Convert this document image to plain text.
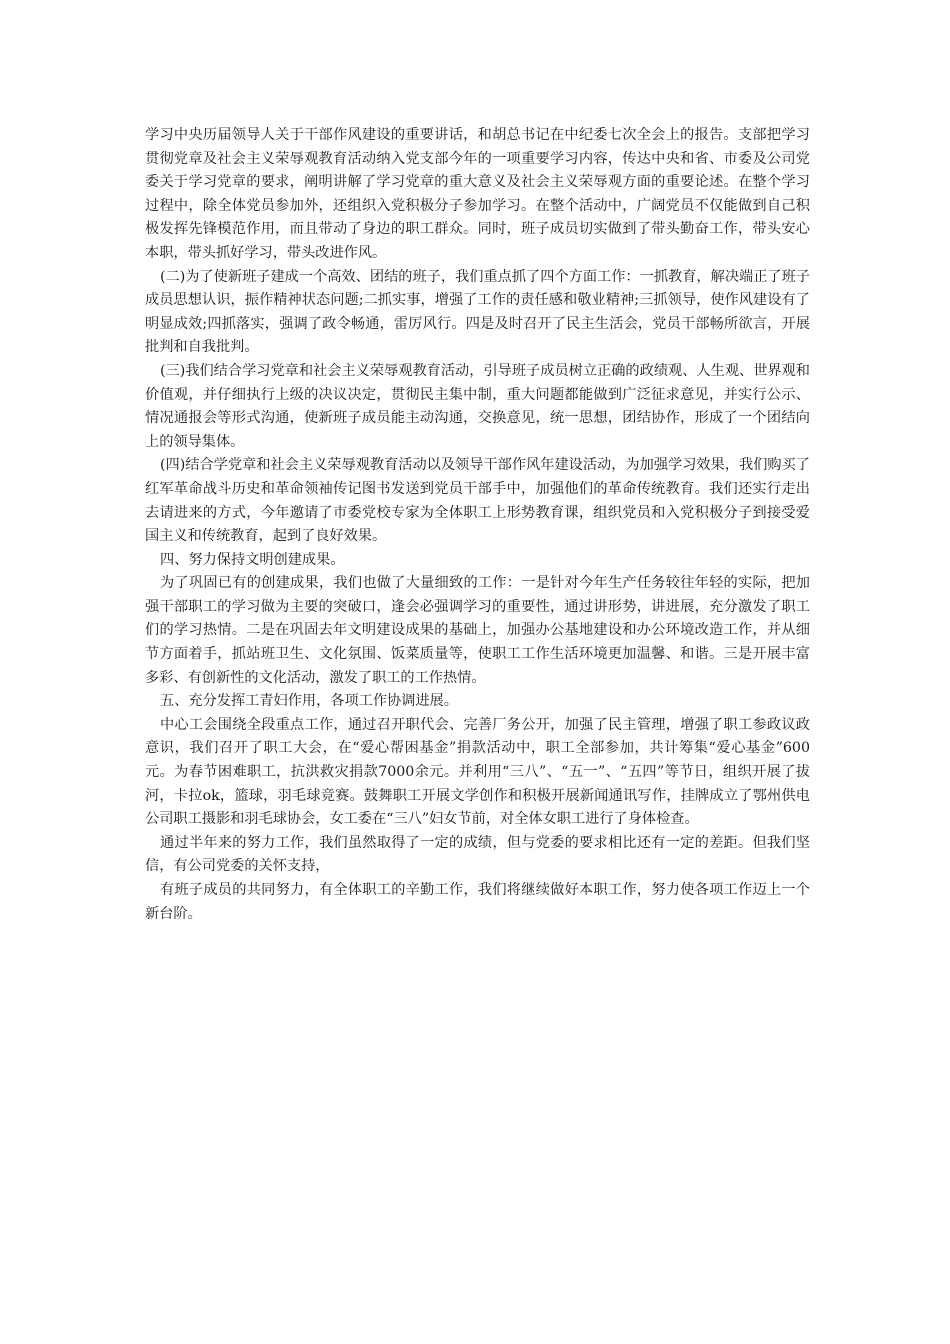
学习中央历届领导人关于干部作风建设的重要讲话，和胡总书记在中纪委七次全会上的报告。支部把学习贯彻党章及社会主义荣辱观教育活动纳入党支部今年的一项重要学习内容，传达中央和省、市委及公司党委关于学习党章的要求，阐明讲解了学习党章的重大意义及社会主义荣辱观方面的重要论述。在整个学习过程中，除全体党员参加外，还组织入党积极分子参加学习。在整个活动中，广阔党员不仅能做到自己积极发挥先锋模范作用，而且带动了身边的职工群众。同时，班子成员切实做到了带头勤奋工作，带头安心本职，带头抓好学习，带头改进作风。

(二)为了使新班子建成一个高效、团结的班子，我们重点抓了四个方面工作：一抓教育，解决端正了班子成员思想认识，振作精神状态问题;二抓实事，增强了工作的责任感和敬业精神;三抓领导，使作风建设有了明显成效;四抓落实，强调了政令畅通，雷厉风行。四是及时召开了民主生活会，党员干部畅所欲言，开展批判和自我批判。

(三)我们结合学习党章和社会主义荣辱观教育活动，引导班子成员树立正确的政绩观、人生观、世界观和价值观，并仔细执行上级的决议决定，贯彻民主集中制，重大问题都能做到广泛征求意见，并实行公示、情况通报会等形式沟通，使新班子成员能主动沟通，交换意见，统一思想，团结协作，形成了一个团结向上的领导集体。

(四)结合学党章和社会主义荣辱观教育活动以及领导干部作风年建设活动，为加强学习效果，我们购买了红军革命战斗历史和革命领袖传记图书发送到党员干部手中，加强他们的革命传统教育。我们还实行走出去请进来的方式，今年邀请了市委党校专家为全体职工上形势教育课，组织党员和入党积极分子到接受爱国主义和传统教育，起到了良好效果。

四、努力保持文明创建成果。

为了巩固已有的创建成果，我们也做了大量细致的工作：一是针对今年生产任务较往年轻的实际，把加强干部职工的学习做为主要的突破口，逢会必强调学习的重要性，通过讲形势，讲进展，充分激发了职工们的学习热情。二是在巩固去年文明建设成果的基础上，加强办公基地建设和办公环境改造工作，并从细节方面着手，抓站班卫生、文化氛围、饭菜质量等，使职工工作生活环境更加温馨、和谐。三是开展丰富多彩、有创新性的文化活动，激发了职工的工作热情。

五、充分发挥工青妇作用，各项工作协调进展。

中心工会围绕全段重点工作，通过召开职代会、完善厂务公开，加强了民主管理，增强了职工参政议政意识，我们召开了职工大会，在“爱心帮困基金”捐款活动中，职工全部参加，共计筹集“爱心基金”600元。为春节困难职工，抗洪救灾捐款7000余元。并利用“三八”、“五一”、“五四”等节日，组织开展了拔河，卡拉ok，篮球，羽毛球竞赛。鼓舞职工开展文学创作和积极开展新闻通讯写作，挂牌成立了鄂州供电公司职工摄影和羽毛球协会，女工委在“三八”妇女节前，对全体女职工进行了身体检查。

通过半年来的努力工作，我们虽然取得了一定的成绩，但与党委的要求相比还有一定的差距。但我们坚信，有公司党委的关怀支持，

有班子成员的共同努力，有全体职工的辛勤工作，我们将继续做好本职工作，努力使各项工作迈上一个新台阶。
